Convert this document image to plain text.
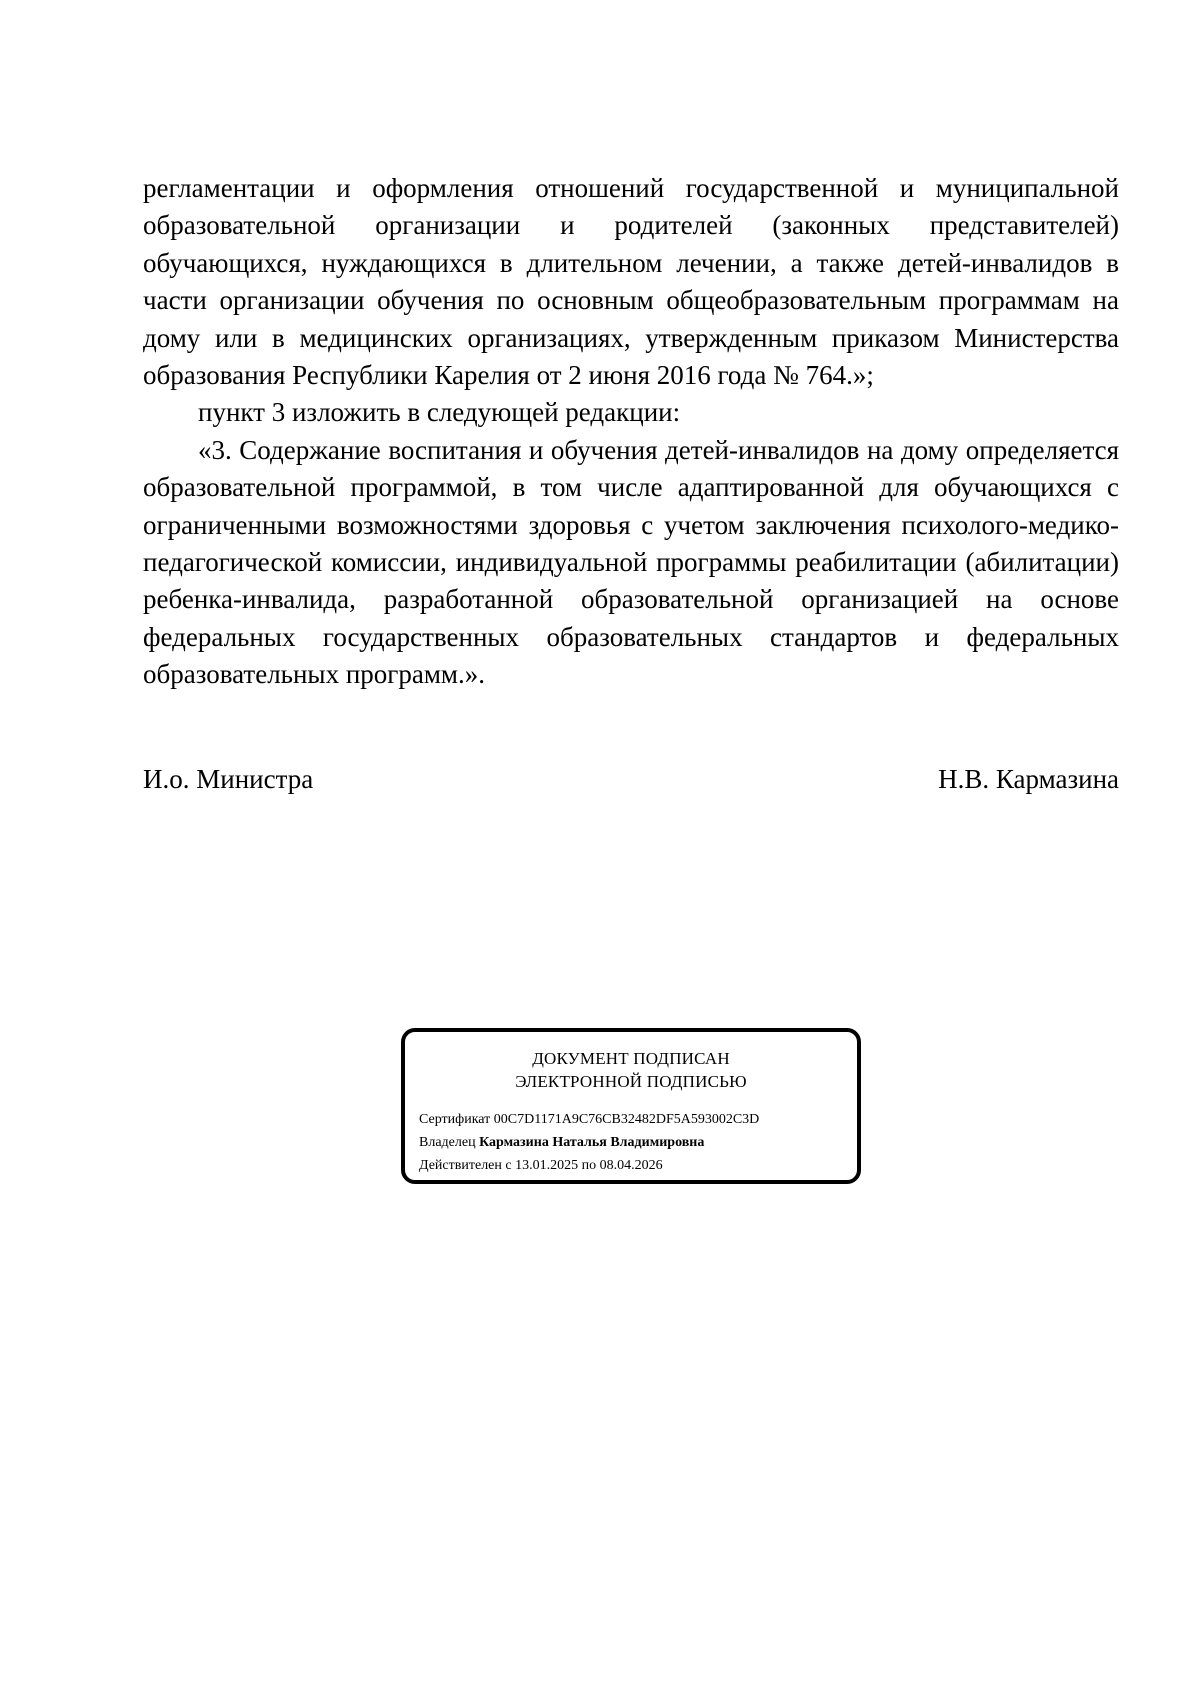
регламентации и оформления отношений государственной и муниципальной образовательной организации и родителей (законных представителей) обучающихся, нуждающихся в длительном лечении, а также детей-инвалидов в части организации обучения по основным общеобразовательным программам на дому или в медицинских организациях, утвержденным приказом Министерства образования Республики Карелия от 2 июня 2016 года № 764.»;

пункт 3 изложить в следующей редакции:

«3. Содержание воспитания и обучения детей-инвалидов на дому определяется образовательной программой, в том числе адаптированной для обучающихся с ограниченными возможностями здоровья с учетом заключения психолого-медико-педагогической комиссии, индивидуальной программы реабилитации (абилитации) ребенка-инвалида, разработанной образовательной организацией на основе федеральных государственных образовательных стандартов и федеральных образовательных программ.».

И.о. Министра	Н.В. Кармазина
ДОКУМЕНТ ПОДПИСАН
ЭЛЕКТРОННОЙ ПОДПИСЬЮ
Сертификат 00C7D1171A9C76CB32482DF5A593002C3D
Владелец Кармазина Наталья Владимировна
Действителен с 13.01.2025 по 08.04.2026
